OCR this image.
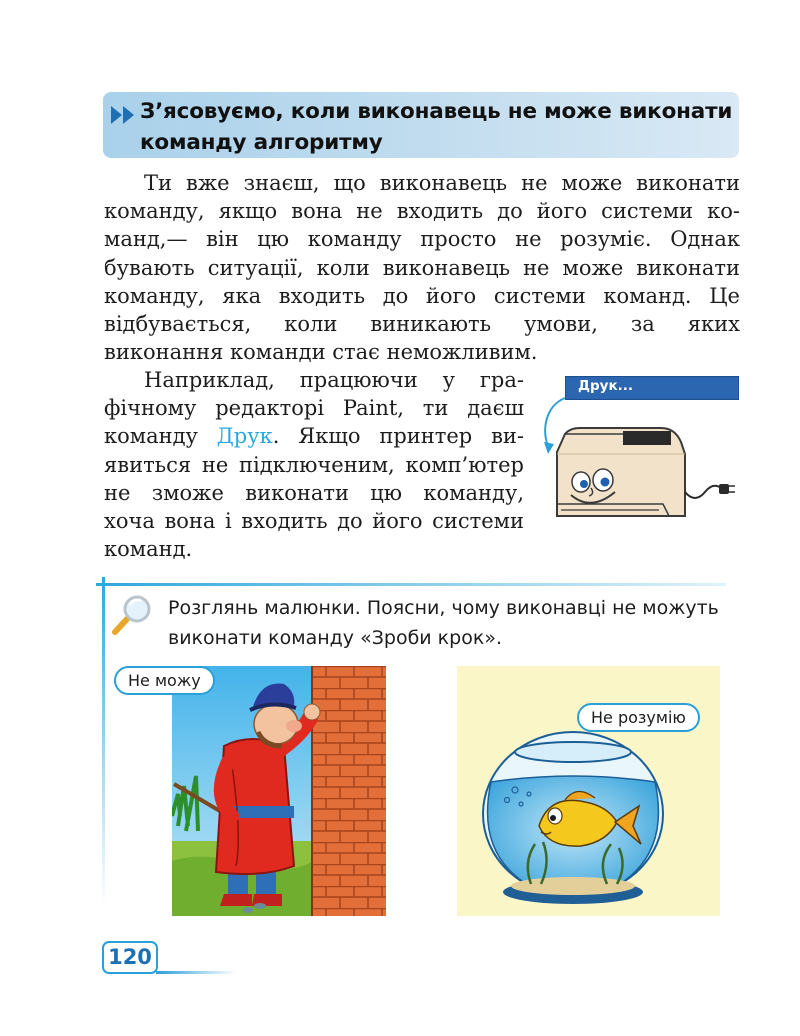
З’ясовуємо, коли виконавець не може виконати
команду алгоритму
Ти вже знаєш, що виконавець не може виконати
команду, якщо вона не входить до його системи ко-
манд,— він цю команду просто не розуміє. Однак
бувають ситуації, коли виконавець не може виконати
команду, яка входить до його системи команд. Це
відбувається, коли виникають умови, за яких
виконання команди стає неможливим.
Наприклад, працюючи у гра-
фічному редакторі Paint, ти даєш
команду Друк. Якщо принтер ви-
явиться не підключеним, комп’ютер
не зможе виконати цю команду,
хоча вона і входить до його системи
команд.
Друк...
Розглянь малюнки. Поясни, чому виконавці не можуть
виконати команду «Зроби крок».
Не можу
Не розумію
120
